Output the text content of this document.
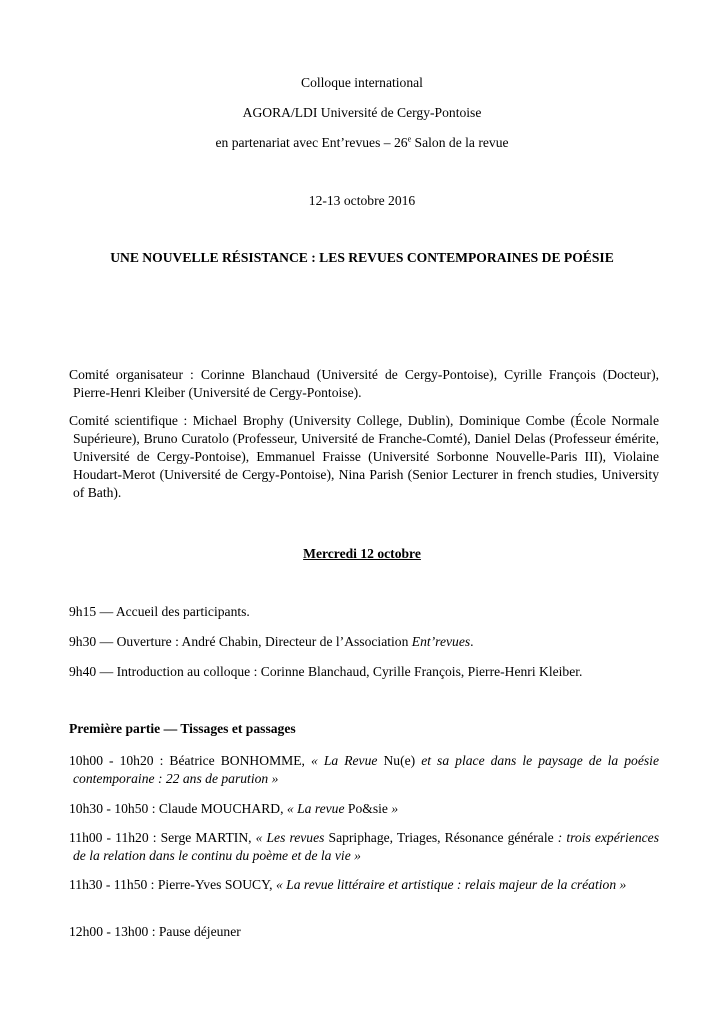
Colloque international
AGORA/LDI Université de Cergy-Pontoise
en partenariat avec Ent’revues – 26e Salon de la revue
12-13 octobre 2016
UNE NOUVELLE RÉSISTANCE : LES REVUES CONTEMPORAINES DE POÉSIE
Comité organisateur : Corinne Blanchaud (Université de Cergy-Pontoise), Cyrille François (Docteur), Pierre-Henri Kleiber (Université de Cergy-Pontoise).
Comité scientifique : Michael Brophy (University College, Dublin), Dominique Combe (École Normale Supérieure), Bruno Curatolo (Professeur, Université de Franche-Comté), Daniel Delas (Professeur émérite, Université de Cergy-Pontoise), Emmanuel Fraisse (Université Sorbonne Nouvelle-Paris III), Violaine Houdart-Merot (Université de Cergy-Pontoise), Nina Parish (Senior Lecturer in french studies, University of Bath).
Mercredi 12 octobre
9h15 — Accueil des participants.
9h30 — Ouverture : André Chabin, Directeur de l’Association Ent’revues.
9h40 — Introduction au colloque : Corinne Blanchaud, Cyrille François, Pierre-Henri Kleiber.
Première partie — Tissages et passages
10h00 - 10h20 : Béatrice BONHOMME, « La Revue Nu(e) et sa place dans le paysage de la poésie contemporaine : 22 ans de parution »
10h30 - 10h50 : Claude MOUCHARD, « La revue Po&sie »
11h00 - 11h20 : Serge MARTIN, « Les revues Sapriphage, Triages, Résonance générale : trois expériences de la relation dans le continu du poème et de la vie »
11h30 - 11h50 : Pierre-Yves SOUCY, « La revue littéraire et artistique : relais majeur de la création »
12h00 - 13h00 : Pause déjeuner
